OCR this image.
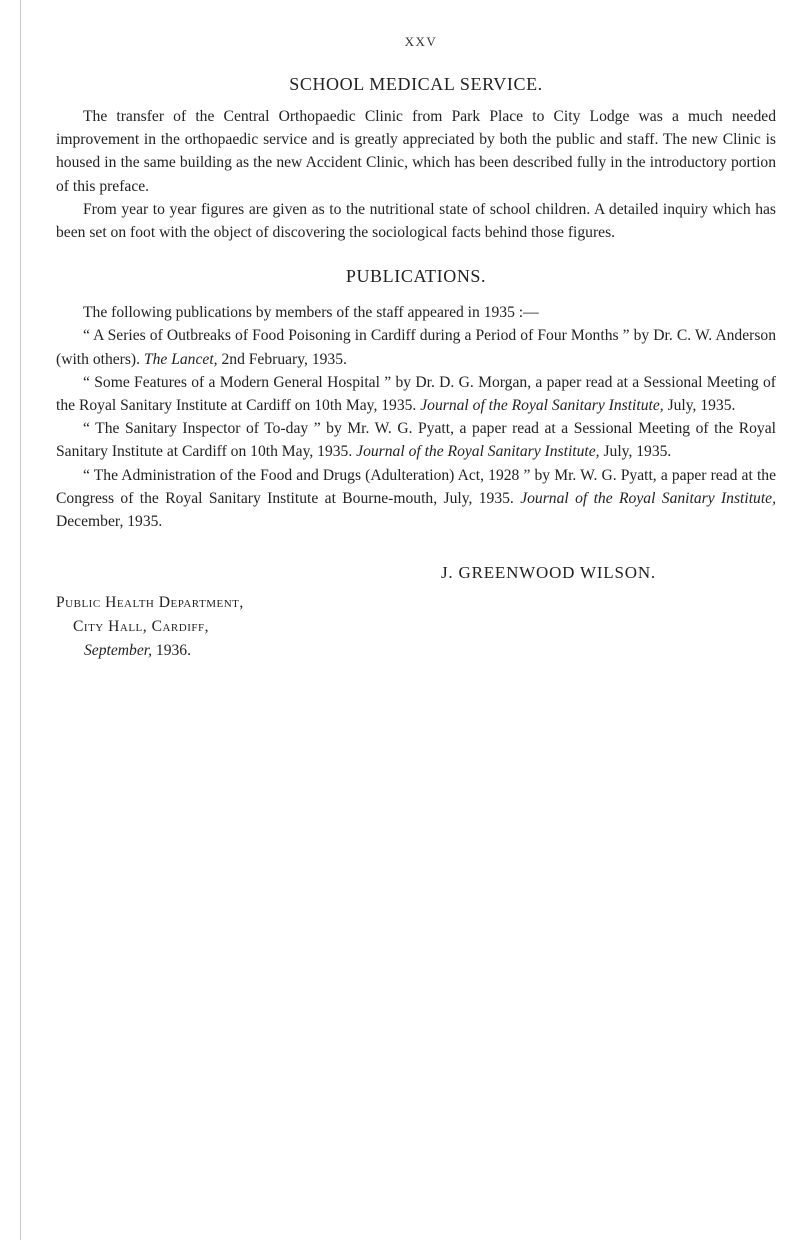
XXV
SCHOOL MEDICAL SERVICE.

The transfer of the Central Orthopaedic Clinic from Park Place to City Lodge was a much needed improvement in the orthopaedic service and is greatly appreciated by both the public and staff. The new Clinic is housed in the same building as the new Accident Clinic, which has been described fully in the introductory portion of this preface.

From year to year figures are given as to the nutritional state of school children. A detailed inquiry which has been set on foot with the object of discovering the sociological facts behind those figures.

PUBLICATIONS.

The following publications by members of the staff appeared in 1935 :—

“ A Series of Outbreaks of Food Poisoning in Cardiff during a Period of Four Months ” by Dr. C. W. Anderson (with others). The Lancet, 2nd February, 1935.

“ Some Features of a Modern General Hospital ” by Dr. D. G. Morgan, a paper read at a Sessional Meeting of the Royal Sanitary Institute at Cardiff on 10th May, 1935. Journal of the Royal Sanitary Institute, July, 1935.

“ The Sanitary Inspector of To-day ” by Mr. W. G. Pyatt, a paper read at a Sessional Meeting of the Royal Sanitary Institute at Cardiff on 10th May, 1935. Journal of the Royal Sanitary Institute, July, 1935.

“ The Administration of the Food and Drugs (Adulteration) Act, 1928 ” by Mr. W. G. Pyatt, a paper read at the Congress of the Royal Sanitary Institute at Bourne-mouth, July, 1935. Journal of the Royal Sanitary Institute, December, 1935.

J. GREENWOOD WILSON.
Public Health Department,
City Hall, Cardiff,
September, 1936.
